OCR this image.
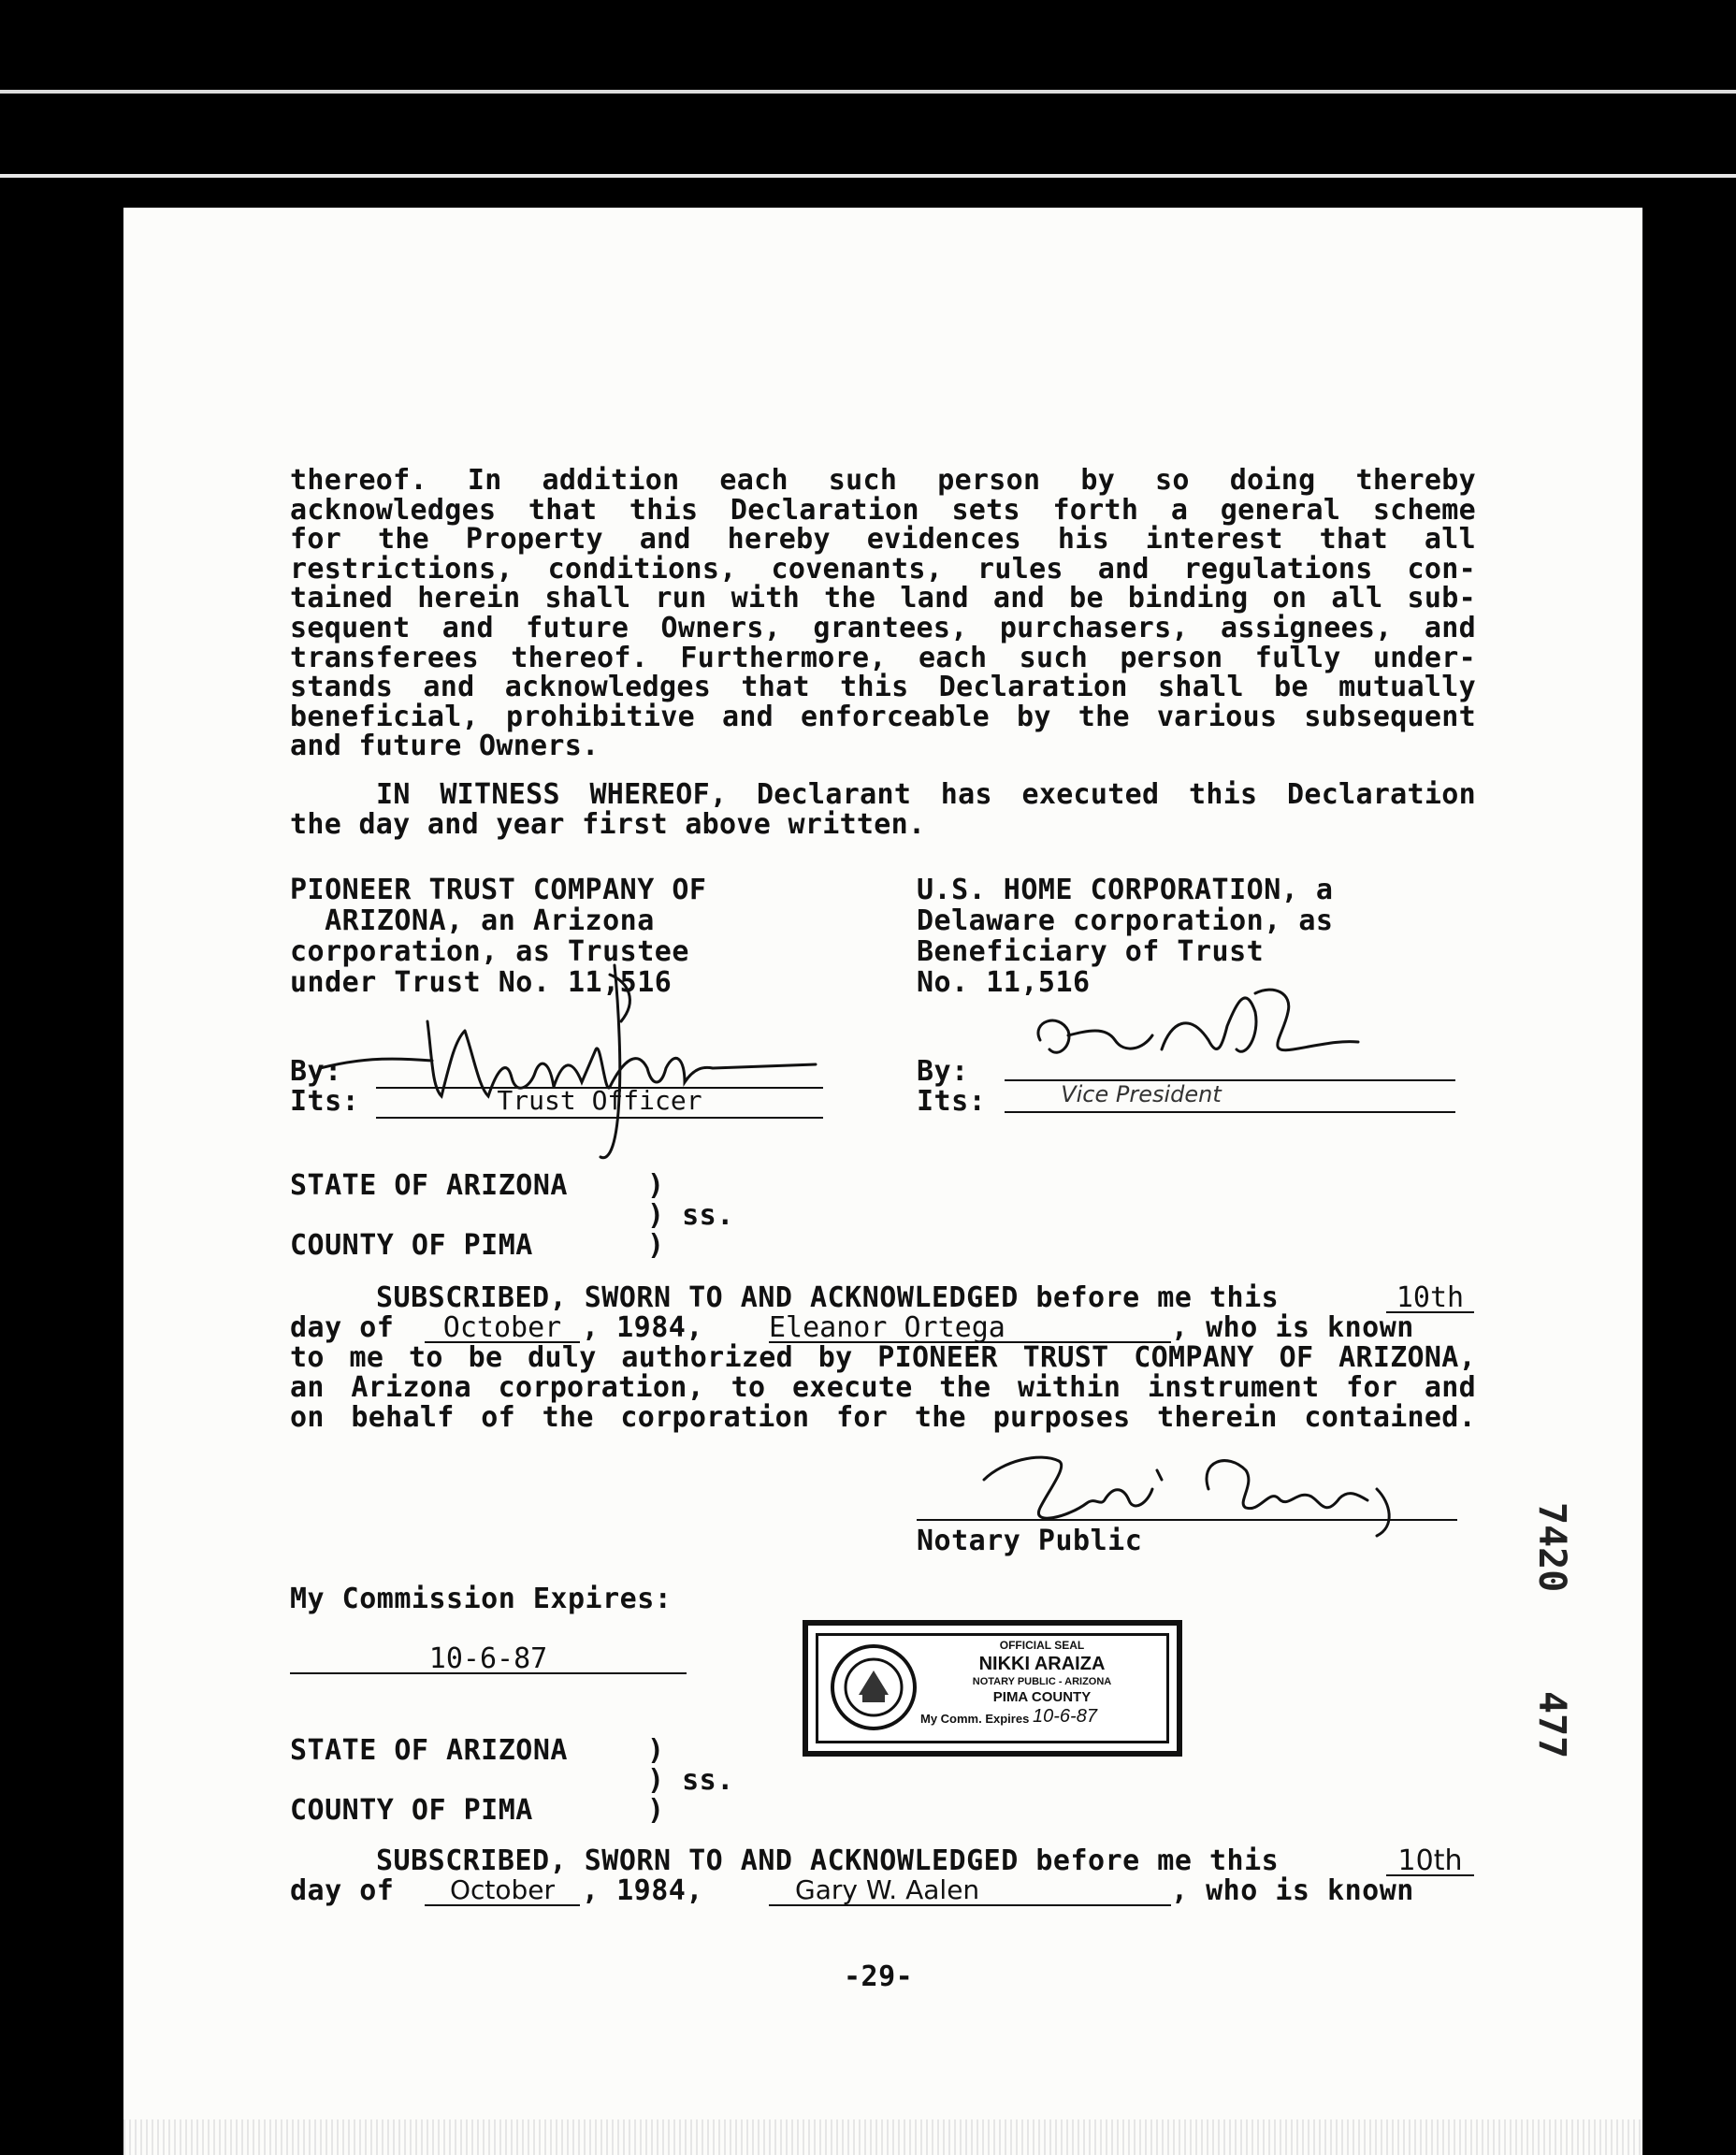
thereof. In addition each such person by so doing thereby
acknowledges that this Declaration sets forth a general scheme
for the Property and hereby evidences his interest that all
restrictions, conditions, covenants, rules and regulations con-
tained herein shall run with the land and be binding on all sub-
sequent and future Owners, grantees, purchasers, assignees, and
transferees thereof. Furthermore, each such person fully under-
stands and acknowledges that this Declaration shall be mutually
beneficial, prohibitive and enforceable by the various subsequent
and future Owners.
IN WITNESS WHEREOF, Declarant has executed this Declaration
the day and year first above written.
PIONEER TRUST COMPANY OF
ARIZONA, an Arizona
corporation, as Trustee
under Trust No. 11,516
By:
Its:	Trust Officer
U.S. HOME CORPORATION, a
Delaware corporation, as
Beneficiary of Trust
No. 11,516
By:
Its:	Vice President
STATE OF ARIZONA	)
) ss.
COUNTY OF PIMA	)
SUBSCRIBED, SWORN TO AND ACKNOWLEDGED before me this	10th
day of	October , 1984, Eleanor Ortega	, who is known
to me to be duly authorized by PIONEER TRUST COMPANY OF ARIZONA,
an Arizona corporation, to execute the within instrument for and
on behalf of the corporation for the purposes therein contained.
Notary Public
My Commission Expires:
10-6-87	OFFICIAL SEAL
NIKKI ARAIZA
NOTARY PUBLIC - ARIZONA
PIMA COUNTY
My Comm. Expires 10-6-87
STATE OF ARIZONA	)
) ss.
COUNTY OF PIMA	)
SUBSCRIBED, SWORN TO AND ACKNOWLEDGED before me this	10th
day of	October , 1984,	Gary W. Aalen	, who is known
-29-
7420
477
